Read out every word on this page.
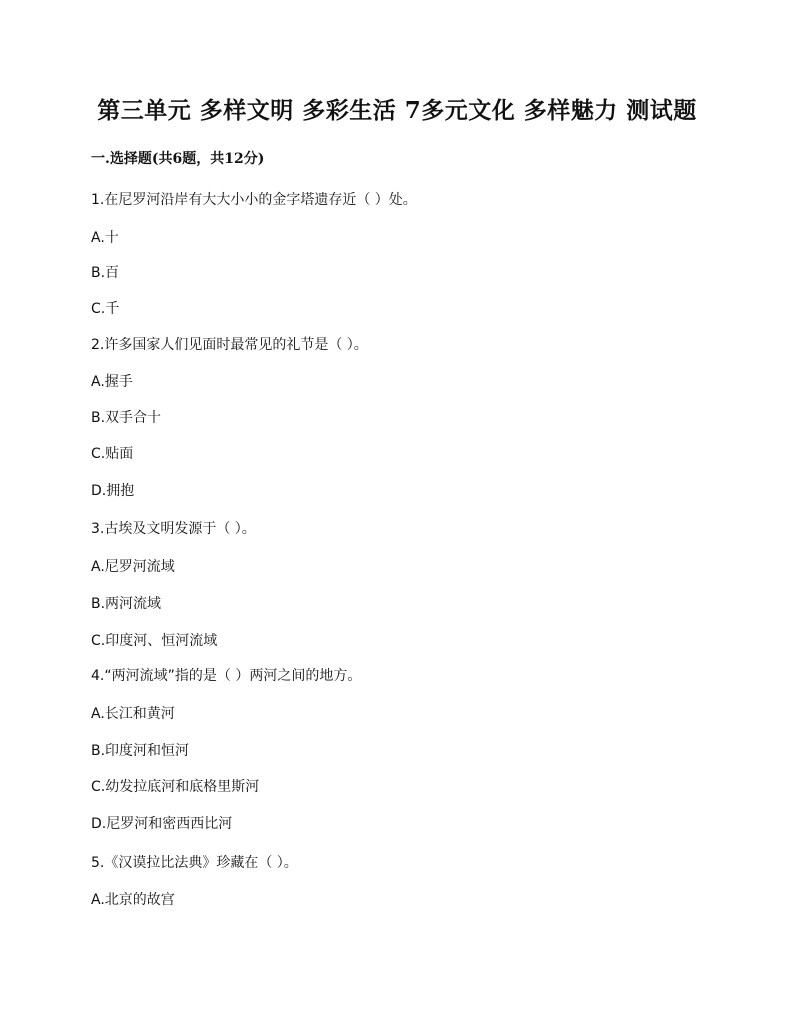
第三单元 多样文明 多彩生活 7多元文化 多样魅力 测试题
一.选择题(共6题，共12分)
1.在尼罗河沿岸有大大小小的金字塔遗存近（ ）处。
A.十
B.百
C.千
2.许多国家人们见面时最常见的礼节是（ ）。
A.握手
B.双手合十
C.贴面
D.拥抱
3.古埃及文明发源于（ ）。
A.尼罗河流域
B.两河流域
C.印度河、恒河流域
4.“两河流域”指的是（ ）两河之间的地方。
A.长江和黄河
B.印度河和恒河
C.幼发拉底河和底格里斯河
D.尼罗河和密西西比河
5.《汉谟拉比法典》珍藏在（ ）。
A.北京的故宫
